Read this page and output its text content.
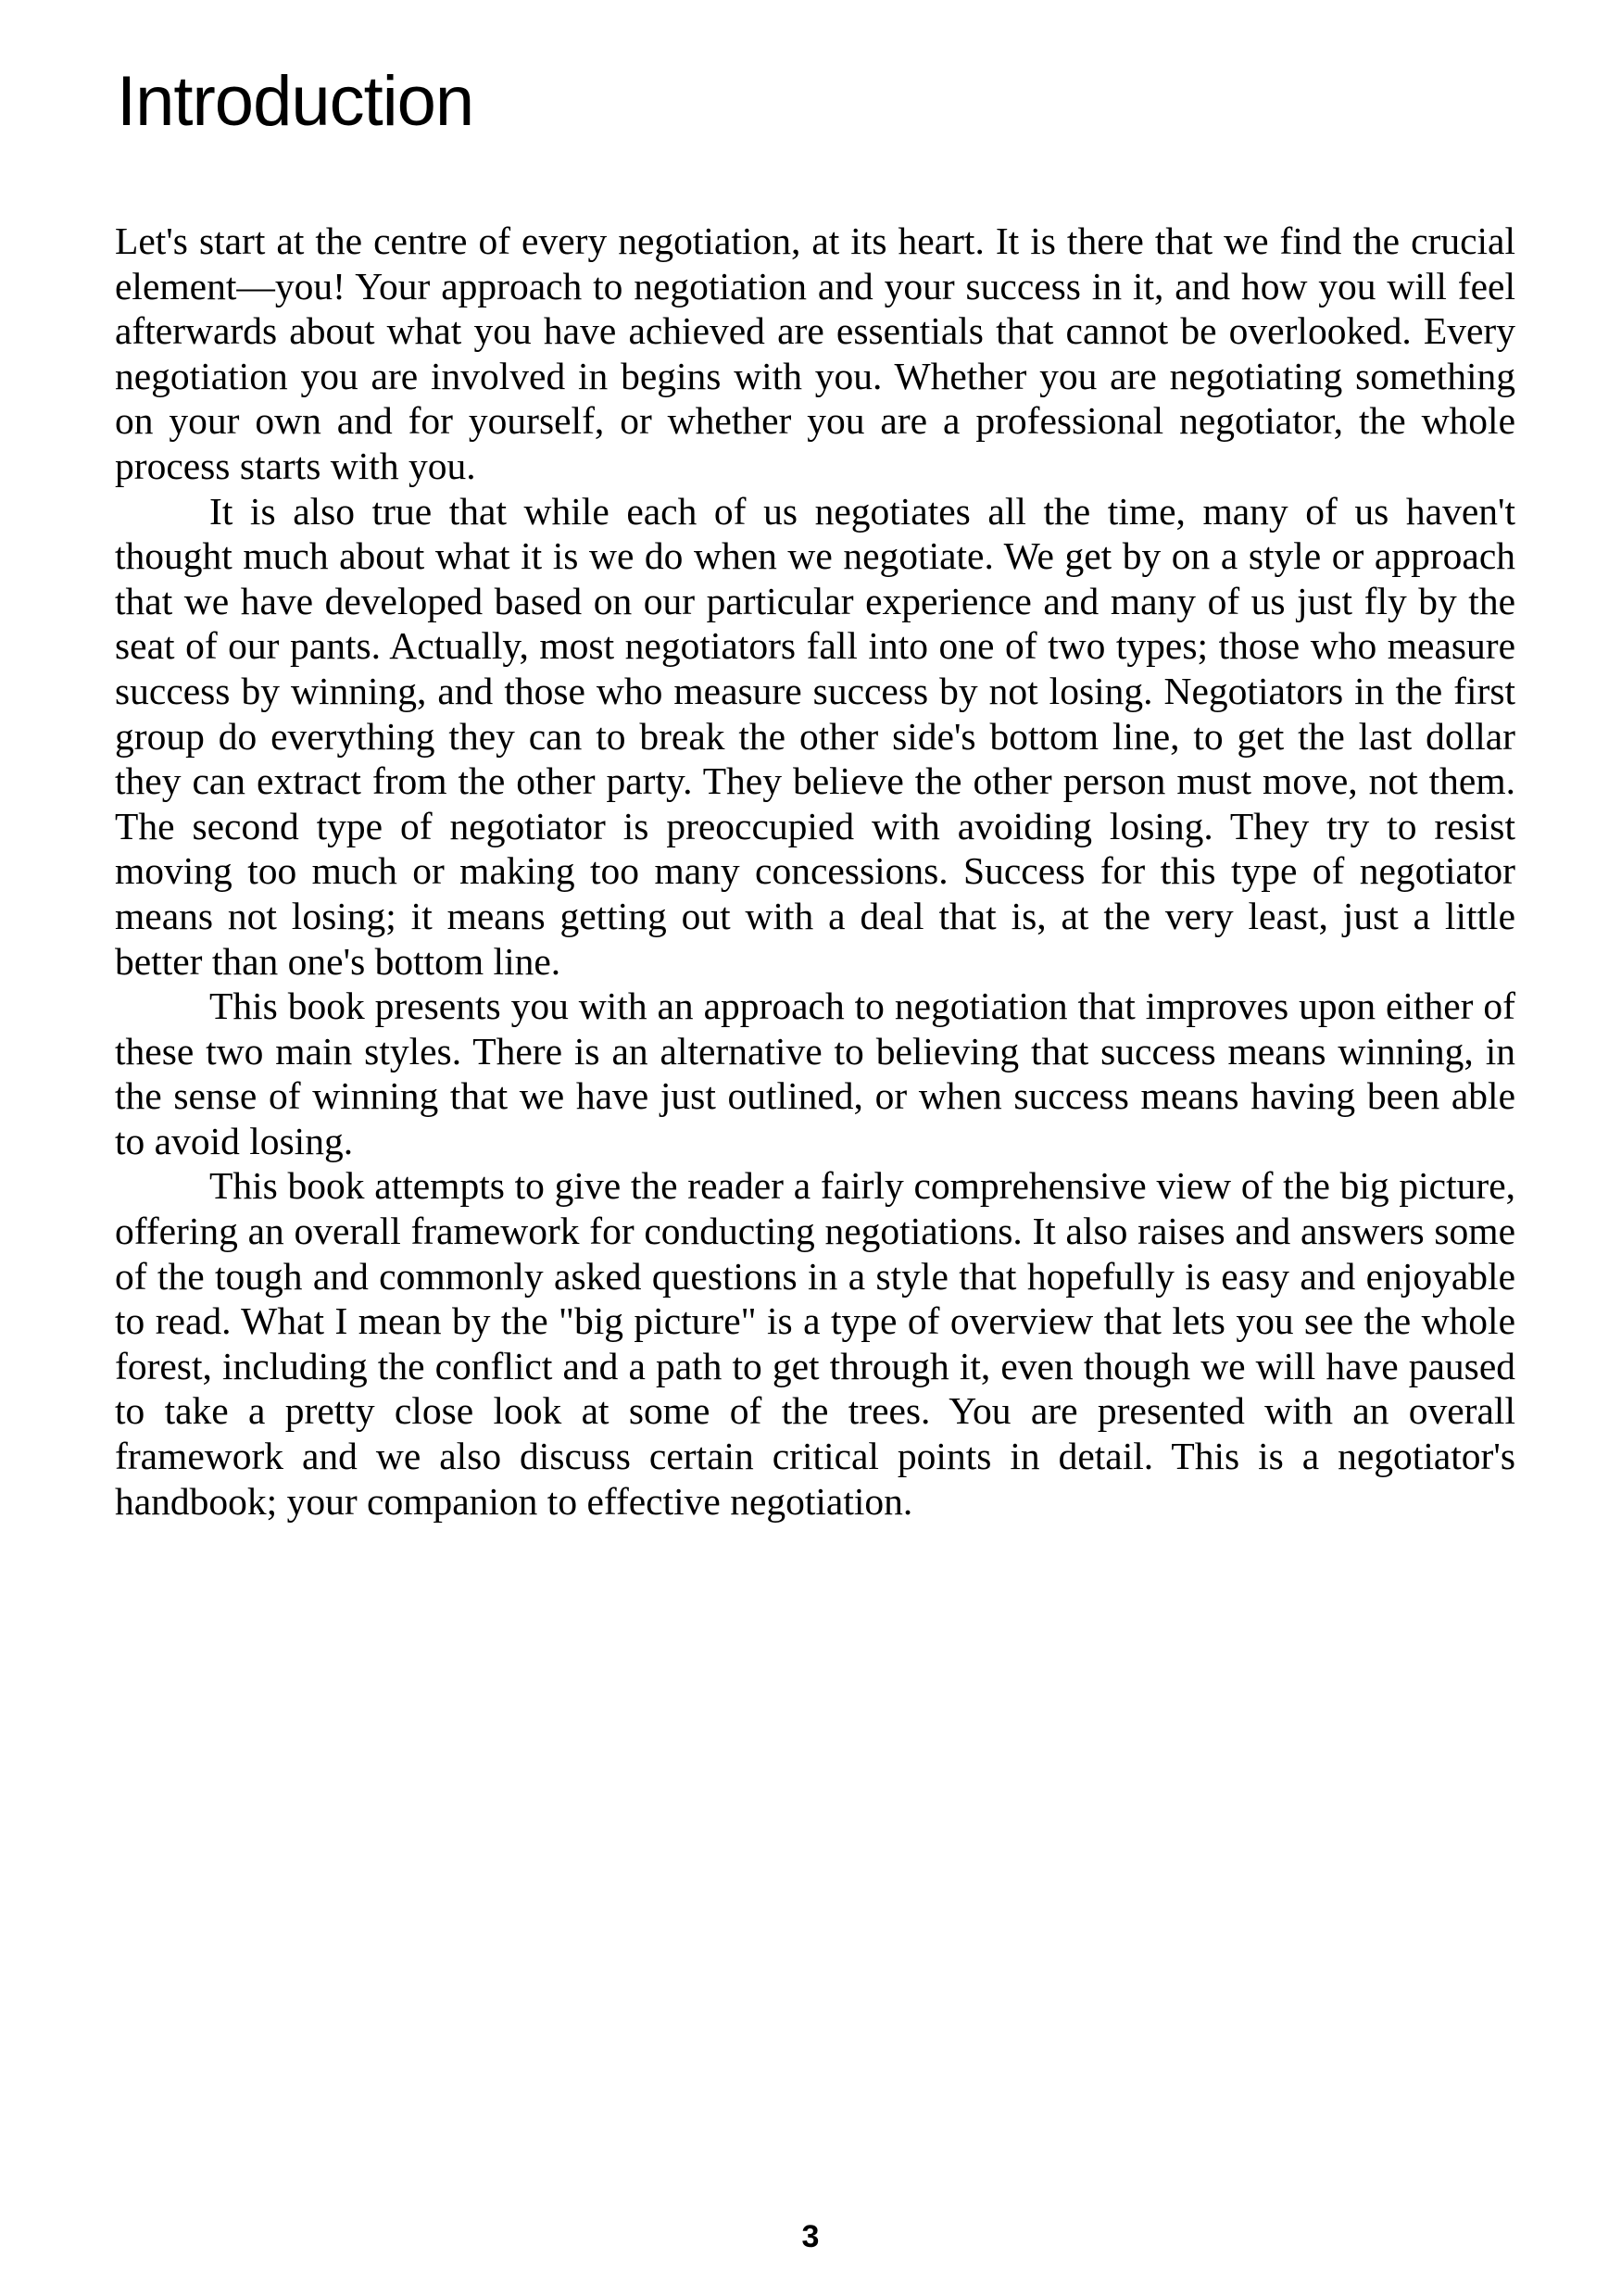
Introduction

Let's start at the centre of every negotiation, at its heart. It is there that we find the crucial element—you! Your approach to negotiation and your success in it, and how you will feel afterwards about what you have achieved are essentials that cannot be overlooked. Every negotiation you are involved in begins with you. Whether you are negotiating something on your own and for yourself, or whether you are a professional negotiator, the whole process starts with you.

It is also true that while each of us negotiates all the time, many of us haven't thought much about what it is we do when we negotiate. We get by on a style or approach that we have developed based on our particular experience and many of us just fly by the seat of our pants. Actually, most negotiators fall into one of two types; those who measure success by winning, and those who measure success by not losing. Negotiators in the first group do everything they can to break the other side's bottom line, to get the last dollar they can extract from the other party. They believe the other person must move, not them. The second type of negotiator is preoccupied with avoiding losing. They try to resist moving too much or making too many concessions. Success for this type of negotiator means not losing; it means getting out with a deal that is, at the very least, just a little better than one's bottom line.

This book presents you with an approach to negotiation that improves upon either of these two main styles. There is an alternative to believing that success means winning, in the sense of winning that we have just outlined, or when success means having been able to avoid losing.

This book attempts to give the reader a fairly comprehensive view of the big picture, offering an overall framework for conducting negotiations. It also raises and answers some of the tough and commonly asked questions in a style that hopefully is easy and enjoyable to read. What I mean by the "big picture" is a type of overview that lets you see the whole forest, including the conflict and a path to get through it, even though we will have paused to take a pretty close look at some of the trees. You are presented with an overall framework and we also discuss certain critical points in detail. This is a negotiator's handbook; your companion to effective negotiation.

3
